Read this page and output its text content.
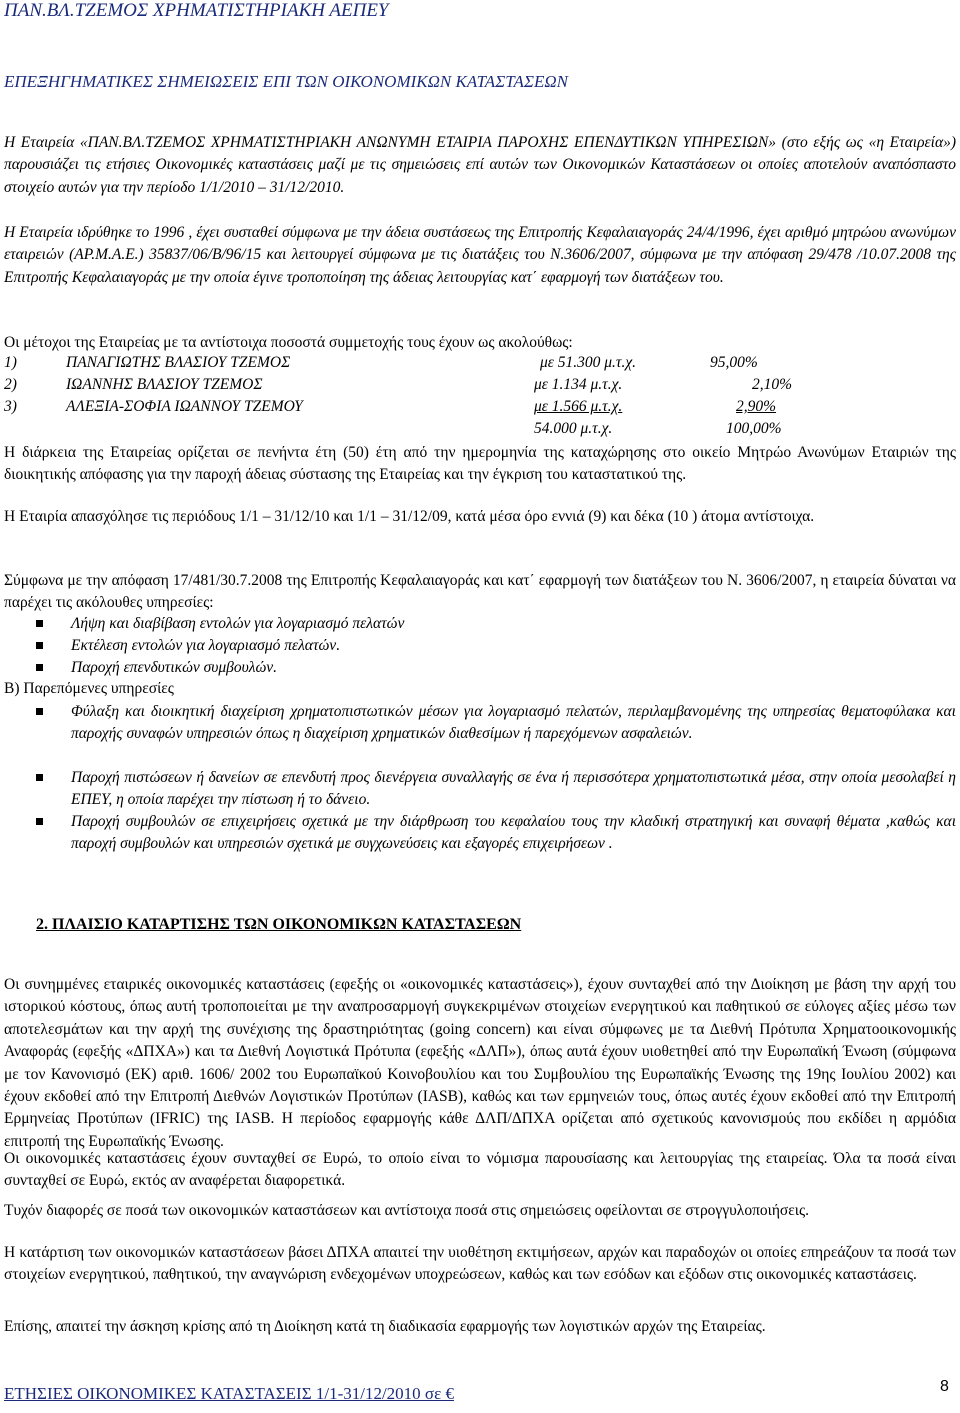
ΠΑΝ.ΒΛ.ΤΖΕΜΟΣ ΧΡΗΜΑΤΙΣΤΗΡΙΑΚΗ ΑΕΠΕΥ
ΕΠΕΞΗΓΗΜΑΤΙΚΕΣ ΣΗΜΕΙΩΣΕΙΣ ΕΠΙ ΤΩΝ ΟΙΚΟΝΟΜΙΚΩΝ ΚΑΤΑΣΤΑΣΕΩΝ
Η Εταιρεία «ΠΑΝ.ΒΛ.ΤΖΕΜΟΣ ΧΡΗΜΑΤΙΣΤΗΡΙΑΚΗ ΑΝΩΝΥΜΗ ΕΤΑΙΡΙΑ ΠΑΡΟΧΗΣ ΕΠΕΝΔΥΤΙΚΩΝ ΥΠΗΡΕΣΙΩΝ» (στο εξής ως «η Εταιρεία») παρουσιάζει τις ετήσιες Οικονομικές καταστάσεις μαζί με τις σημειώσεις επί αυτών των Οικονομικών Καταστάσεων οι οποίες αποτελούν αναπόσπαστο στοιχείο αυτών για την περίοδο 1/1/2010 – 31/12/2010.
Η Εταιρεία ιδρύθηκε το 1996 , έχει συσταθεί σύμφωνα με την άδεια συστάσεως της Επιτροπής Κεφαλαιαγοράς 24/4/1996, έχει αριθμό μητρώου ανωνύμων εταιρειών (ΑΡ.Μ.Α.Ε.) 35837/06/Β/96/15 και λειτουργεί σύμφωνα με τις διατάξεις του Ν.3606/2007, σύμφωνα με την απόφαση 29/478 /10.07.2008 της Επιτροπής Κεφαλαιαγοράς με την οποία έγινε τροποποίηση της άδειας λειτουργίας κατ΄ εφαρμογή των διατάξεων του.
Οι μέτοχοι της Εταιρείας με τα αντίστοιχα ποσοστά συμμετοχής τους έχουν ως ακολούθως:
1)	ΠΑΝΑΓΙΩΤΗΣ ΒΛΑΣΙΟΥ ΤΖΕΜΟΣ	με 51.300 μ.τ.χ.	95,00%
2)	ΙΩΑΝΝΗΣ ΒΛΑΣΙΟΥ ΤΖΕΜΟΣ	με 1.134 μ.τ.χ.	2,10%
3)	ΑΛΕΞΙΑ-ΣΟΦΙΑ ΙΩΑΝΝΟΥ ΤΖΕΜΟΥ	με 1.566 μ.τ.χ.	2,90%
54.000 μ.τ.χ.	100,00%
Η διάρκεια της Εταιρείας ορίζεται σε πενήντα έτη (50) έτη από την ημερομηνία της καταχώρησης στο οικείο Μητρώο Ανωνύμων Εταιριών της διοικητικής απόφασης για την παροχή άδειας σύστασης της Εταιρείας και την έγκριση του καταστατικού της.
Η Εταιρία απασχόλησε τις περιόδους 1/1 – 31/12/10 και 1/1 – 31/12/09, κατά μέσα όρο εννιά (9) και δέκα (10 ) άτομα αντίστοιχα.
Σύμφωνα με την απόφαση 17/481/30.7.2008 της Επιτροπής Κεφαλαιαγοράς και κατ΄ εφαρμογή των διατάξεων του Ν. 3606/2007, η εταιρεία δύναται να παρέχει τις ακόλουθες υπηρεσίες:
Λήψη και διαβίβαση εντολών για λογαριασμό πελατών
Εκτέλεση εντολών για λογαριασμό πελατών.
Παροχή επενδυτικών συμβουλών.
Β) Παρεπόμενες υπηρεσίες
Φύλαξη και διοικητική διαχείριση χρηματοπιστωτικών μέσων για λογαριασμό πελατών, περιλαμβανομένης της υπηρεσίας θεματοφύλακα και παροχής συναφών υπηρεσιών όπως η διαχείριση χρηματικών διαθεσίμων ή παρεχόμενων ασφαλειών.
Παροχή πιστώσεων ή δανείων σε επενδυτή προς διενέργεια συναλλαγής σε ένα ή περισσότερα χρηματοπιστωτικά μέσα, στην οποία μεσολαβεί η ΕΠΕΥ, η οποία παρέχει την πίστωση ή το δάνειο.
Παροχή συμβουλών σε επιχειρήσεις σχετικά με την διάρθρωση του κεφαλαίου τους την κλαδική στρατηγική και συναφή θέματα ,καθώς και παροχή συμβουλών και υπηρεσιών σχετικά με συγχωνεύσεις και εξαγορές επιχειρήσεων .
2. ΠΛΑΙΣΙΟ ΚΑΤΑΡΤΙΣΗΣ ΤΩΝ ΟΙΚΟΝΟΜΙΚΩΝ ΚΑΤΑΣΤΑΣΕΩΝ
Οι συνημμένες εταιρικές οικονομικές καταστάσεις (εφεξής οι «οικονομικές καταστάσεις»), έχουν συνταχθεί από την Διοίκηση με βάση την αρχή του ιστορικού κόστους, όπως αυτή τροποποιείται με την αναπροσαρμογή συγκεκριμένων στοιχείων ενεργητικού και παθητικού σε εύλογες αξίες μέσω των αποτελεσμάτων και την αρχή της συνέχισης της δραστηριότητας (going concern) και είναι σύμφωνες με τα Διεθνή Πρότυπα Χρηματοοικονομικής Αναφοράς (εφεξής «ΔΠΧΑ») και τα Διεθνή Λογιστικά Πρότυπα (εφεξής «ΔΛΠ»), όπως αυτά έχουν υιοθετηθεί από την Ευρωπαϊκή Ένωση (σύμφωνα με τον Κανονισμό (ΕΚ) αριθ. 1606/ 2002 του Ευρωπαϊκού Κοινοβουλίου και του Συμβουλίου της Ευρωπαϊκής Ένωσης της 19ης Ιουλίου 2002) και έχουν εκδοθεί από την Επιτροπή Διεθνών Λογιστικών Προτύπων (IASB), καθώς και των ερμηνειών τους, όπως αυτές έχουν εκδοθεί από την Επιτροπή Ερμηνείας Προτύπων (IFRIC) της IASB. Η περίοδος εφαρμογής κάθε ΔΛΠ/ΔΠΧΑ ορίζεται από σχετικούς κανονισμούς που εκδίδει η αρμόδια επιτροπή της Ευρωπαϊκής Ένωσης.
Οι οικονομικές καταστάσεις έχουν συνταχθεί σε Ευρώ, το οποίο είναι το νόμισμα παρουσίασης και λειτουργίας της εταιρείας. Όλα τα ποσά είναι συνταχθεί σε Ευρώ, εκτός αν αναφέρεται διαφορετικά.
Τυχόν διαφορές σε ποσά των οικονομικών καταστάσεων και αντίστοιχα ποσά στις σημειώσεις οφείλονται σε στρογγυλοποιήσεις.
Η κατάρτιση των οικονομικών καταστάσεων βάσει ΔΠΧΑ απαιτεί την υιοθέτηση εκτιμήσεων, αρχών και παραδοχών οι οποίες επηρεάζουν τα ποσά των στοιχείων ενεργητικού, παθητικού, την αναγνώριση ενδεχομένων υποχρεώσεων, καθώς και των εσόδων και εξόδων στις οικονομικές καταστάσεις.
Επίσης, απαιτεί την άσκηση κρίσης από τη Διοίκηση κατά τη διαδικασία εφαρμογής των λογιστικών αρχών της Εταιρείας.
ΕΤΗΣΙΕΣ ΟΙΚΟΝΟΜΙΚΕΣ ΚΑΤΑΣΤΑΣΕΙΣ 1/1-31/12/2010 σε €	8
